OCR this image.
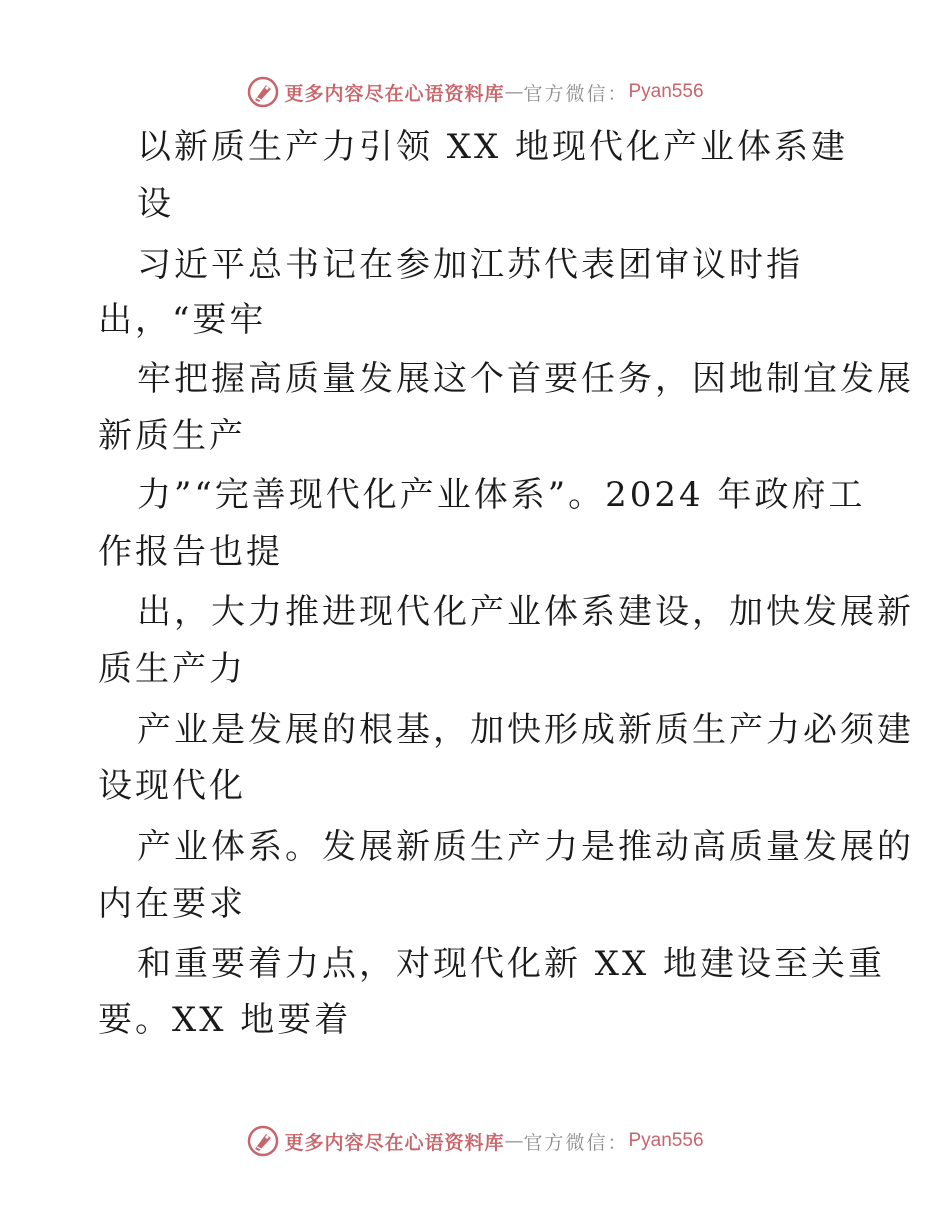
更多内容尽在心语资料库 — 官方微信： Pyan556
以新质生产力引领 XX 地现代化产业体系建
设
习近平总书记在参加江苏代表团审议时指
出，“要牢
牢把握高质量发展这个首要任务，因地制宜发展
新质生产
力”“完善现代化产业体系”。2024 年政府工
作报告也提
出，大力推进现代化产业体系建设，加快发展新
质生产力
产业是发展的根基，加快形成新质生产力必须建
设现代化
产业体系。发展新质生产力是推动高质量发展的
内在要求
和重要着力点，对现代化新 XX 地建设至关重
要。XX 地要着
更多内容尽在心语资料库 — 官方微信： Pyan556
